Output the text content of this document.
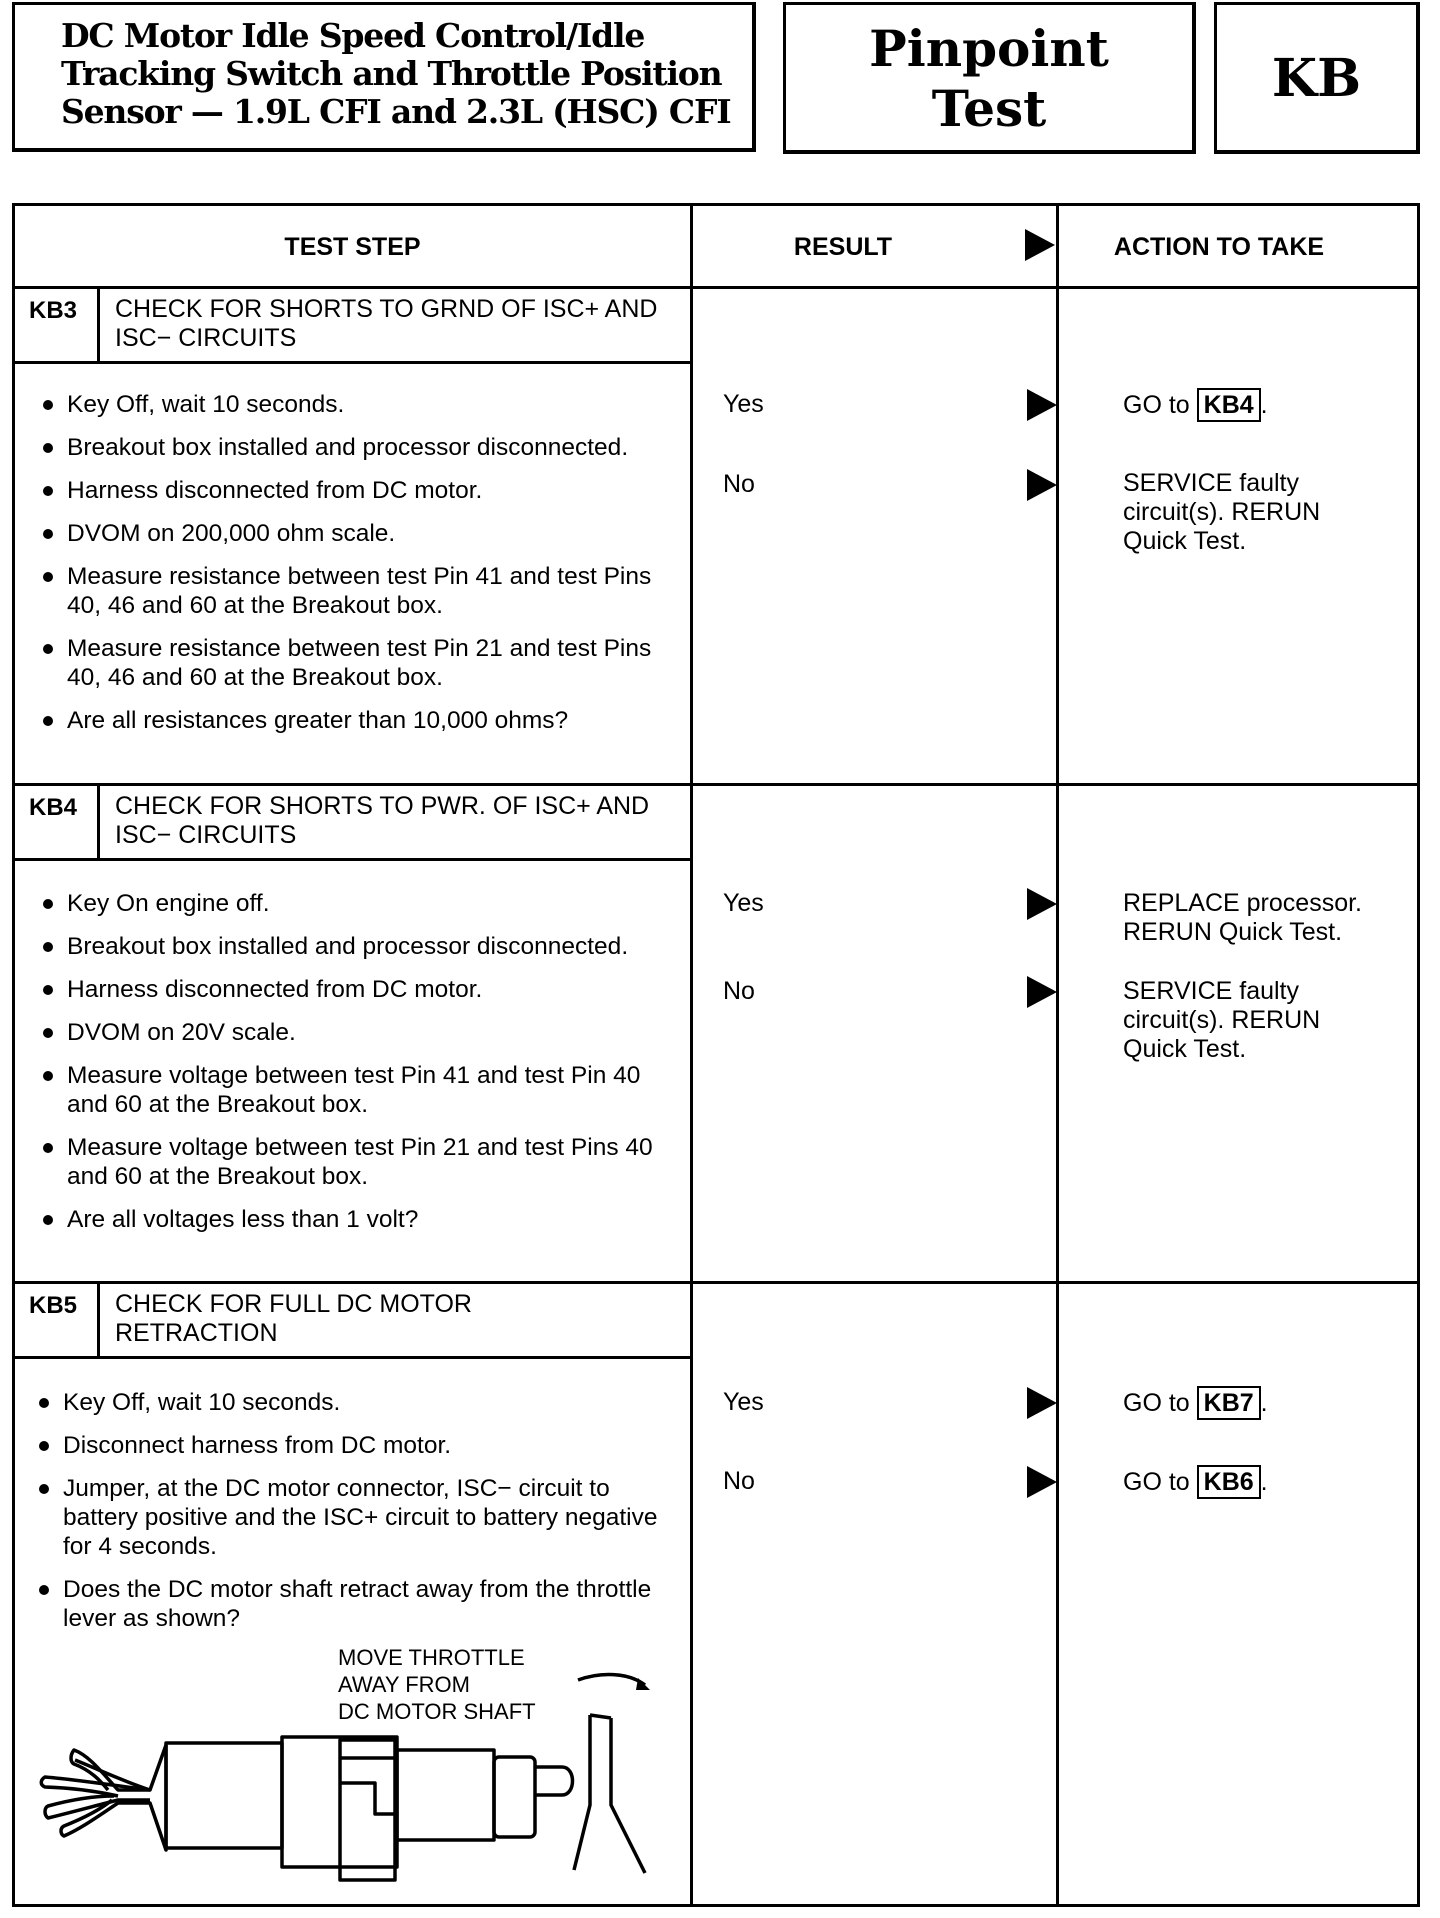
DC Motor Idle Speed Control/Idle
Tracking Switch and Throttle Position
Sensor — 1.9L CFI and 2.3L (HSC) CFI
Pinpoint
Test	KB
TEST STEP	RESULT	ACTION TO TAKE
KB3	CHECK FOR SHORTS TO GRND OF ISC+ AND ISC− CIRCUITS
Key Off, wait 10 seconds.
Breakout box installed and processor disconnected.
Harness disconnected from DC motor.
DVOM on 200,000 ohm scale.
Measure resistance between test Pin 41 and test Pins 40, 46 and 60 at the Breakout box.
Measure resistance between test Pin 21 and test Pins 40, 46 and 60 at the Breakout box.
Are all resistances greater than 10,000 ohms?
Yes	GO to KB4 .
No	SERVICE faulty circuit(s). RERUN Quick Test.
KB4	CHECK FOR SHORTS TO PWR. OF ISC+ AND ISC− CIRCUITS
Key On engine off.
Breakout box installed and processor disconnected.
Harness disconnected from DC motor.
DVOM on 20V scale.
Measure voltage between test Pin 41 and test Pin 40 and 60 at the Breakout box.
Measure voltage between test Pin 21 and test Pins 40 and 60 at the Breakout box.
Are all voltages less than 1 volt?
Yes	REPLACE processor. RERUN Quick Test.
No	SERVICE faulty circuit(s). RERUN Quick Test.
KB5	CHECK FOR FULL DC MOTOR RETRACTION
Key Off, wait 10 seconds.
Disconnect harness from DC motor.
Jumper, at the DC motor connector, ISC− circuit to battery positive and the ISC+ circuit to battery negative for 4 seconds.
Does the DC motor shaft retract away from the throttle lever as shown?
Yes	GO to KB7 .
No	GO to KB6 .
MOVE THROTTLE
AWAY FROM
DC MOTOR SHAFT
